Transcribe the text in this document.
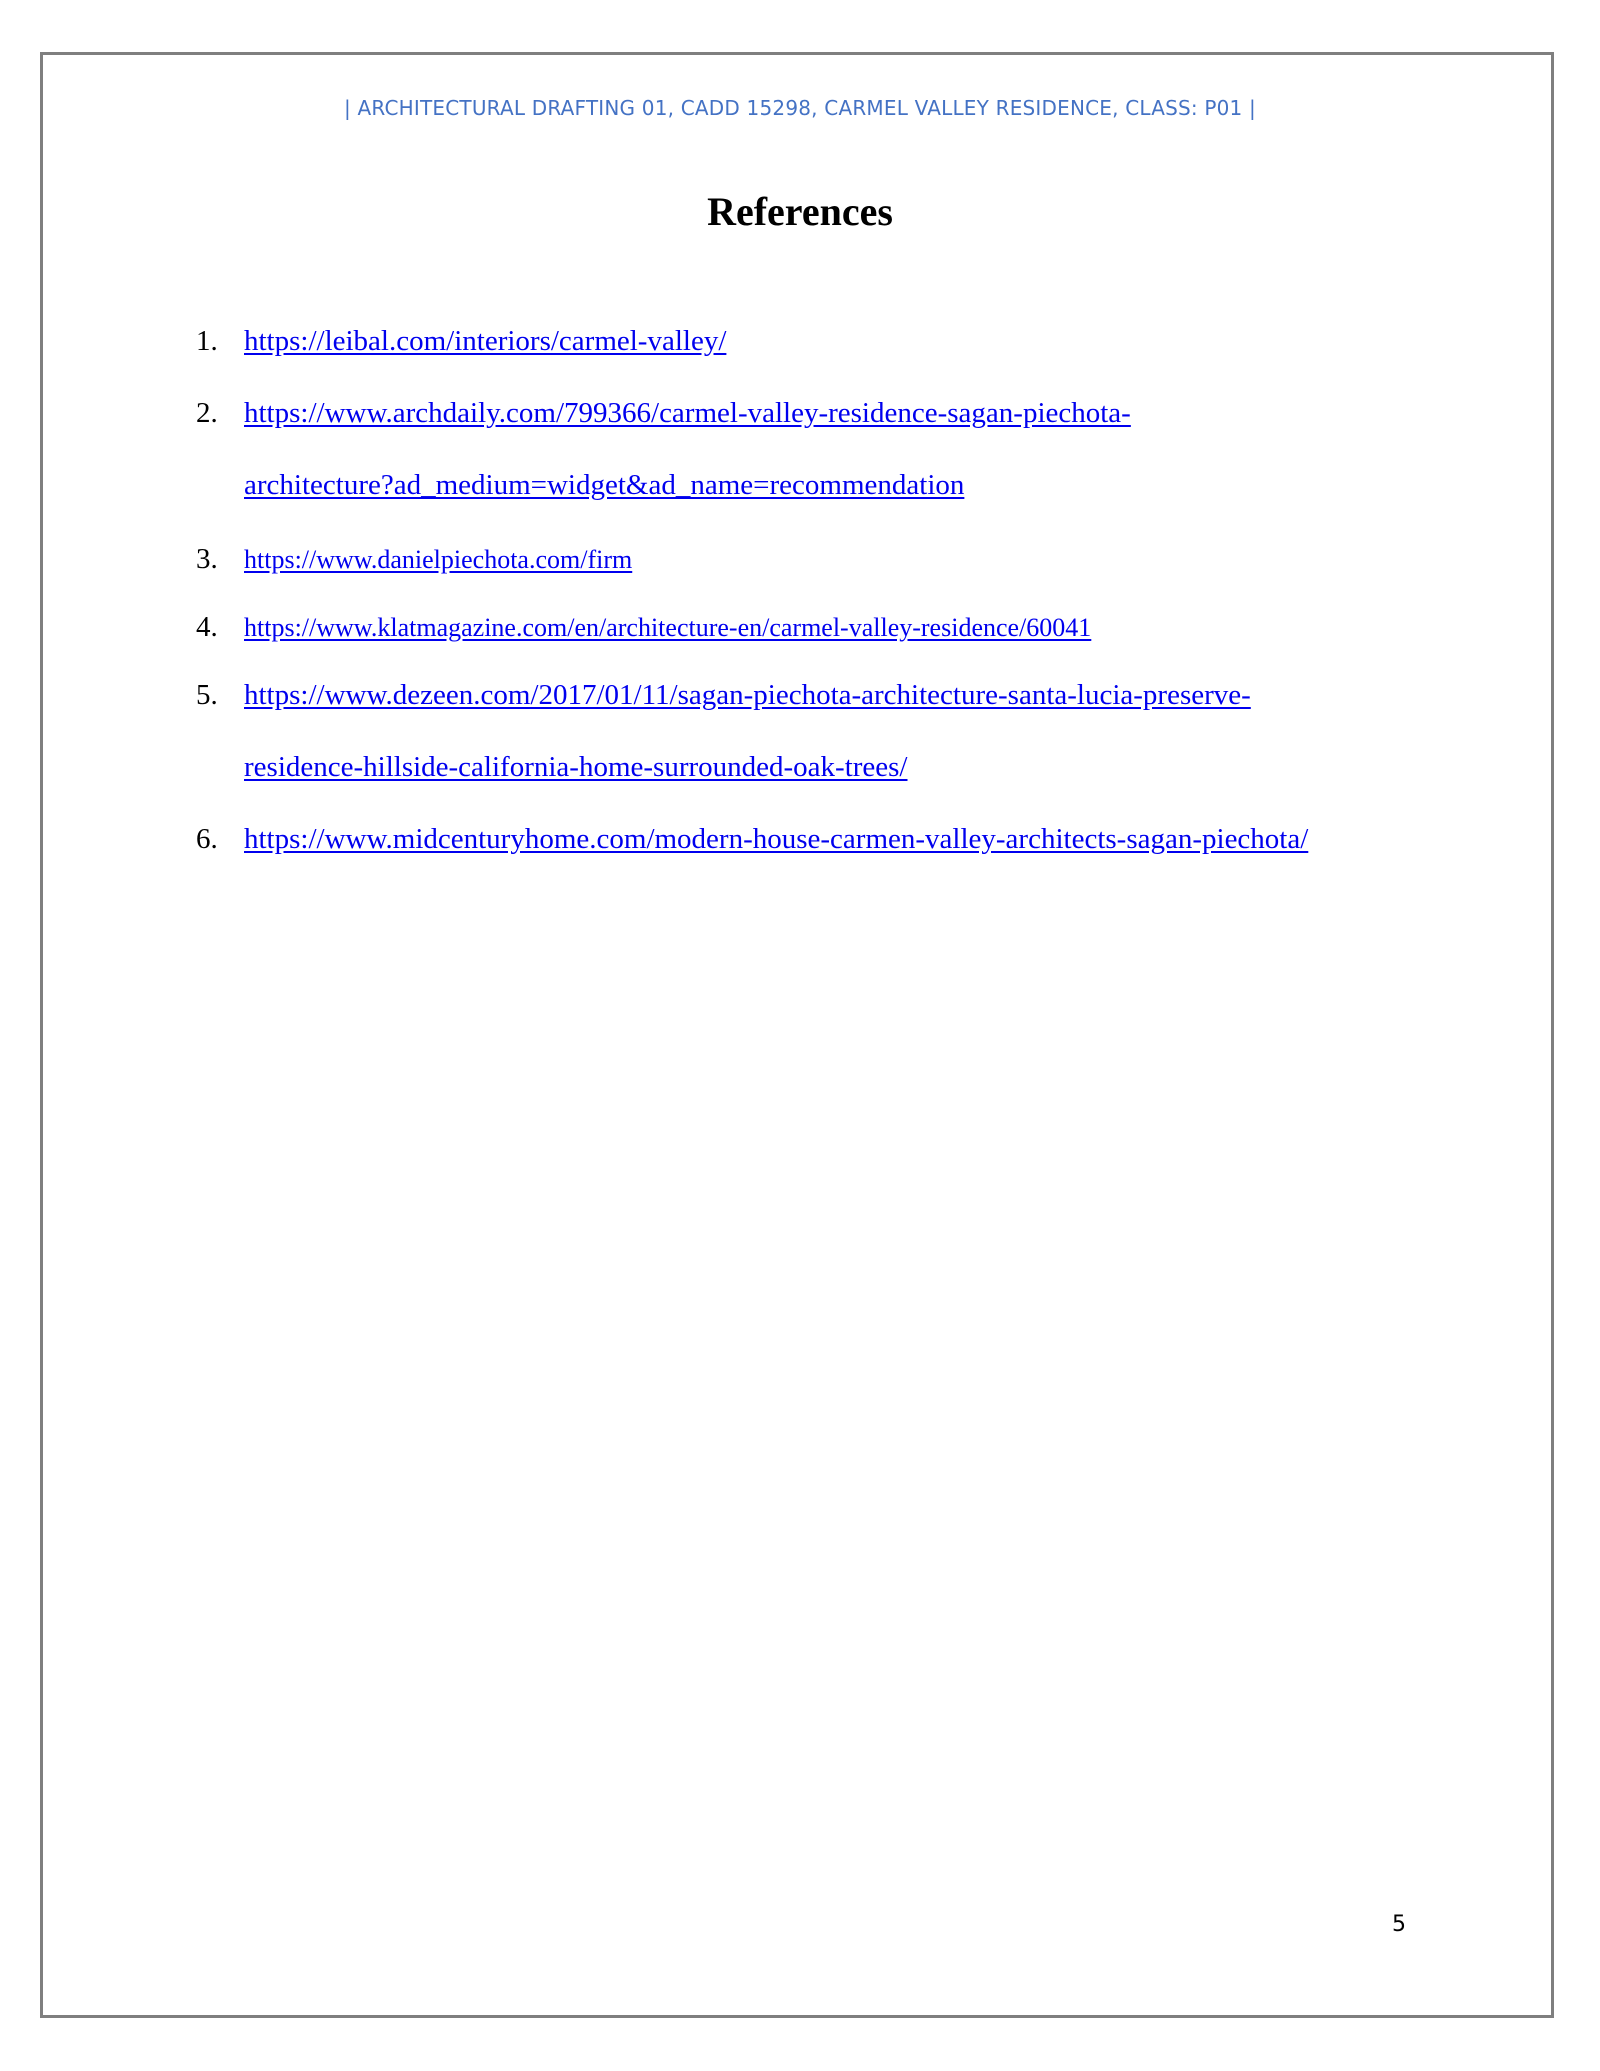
| ARCHITECTURAL DRAFTING 01, CADD 15298, CARMEL VALLEY RESIDENCE, CLASS: P01 |
References
1. https://leibal.com/interiors/carmel-valley/
2. https://www.archdaily.com/799366/carmel-valley-residence-sagan-piechota-
architecture?ad_medium=widget&ad_name=recommendation
3. https://www.danielpiechota.com/firm
4. https://www.klatmagazine.com/en/architecture-en/carmel-valley-residence/60041
5. https://www.dezeen.com/2017/01/11/sagan-piechota-architecture-santa-lucia-preserve-
residence-hillside-california-home-surrounded-oak-trees/
6. https://www.midcenturyhome.com/modern-house-carmen-valley-architects-sagan-piechota/
5
